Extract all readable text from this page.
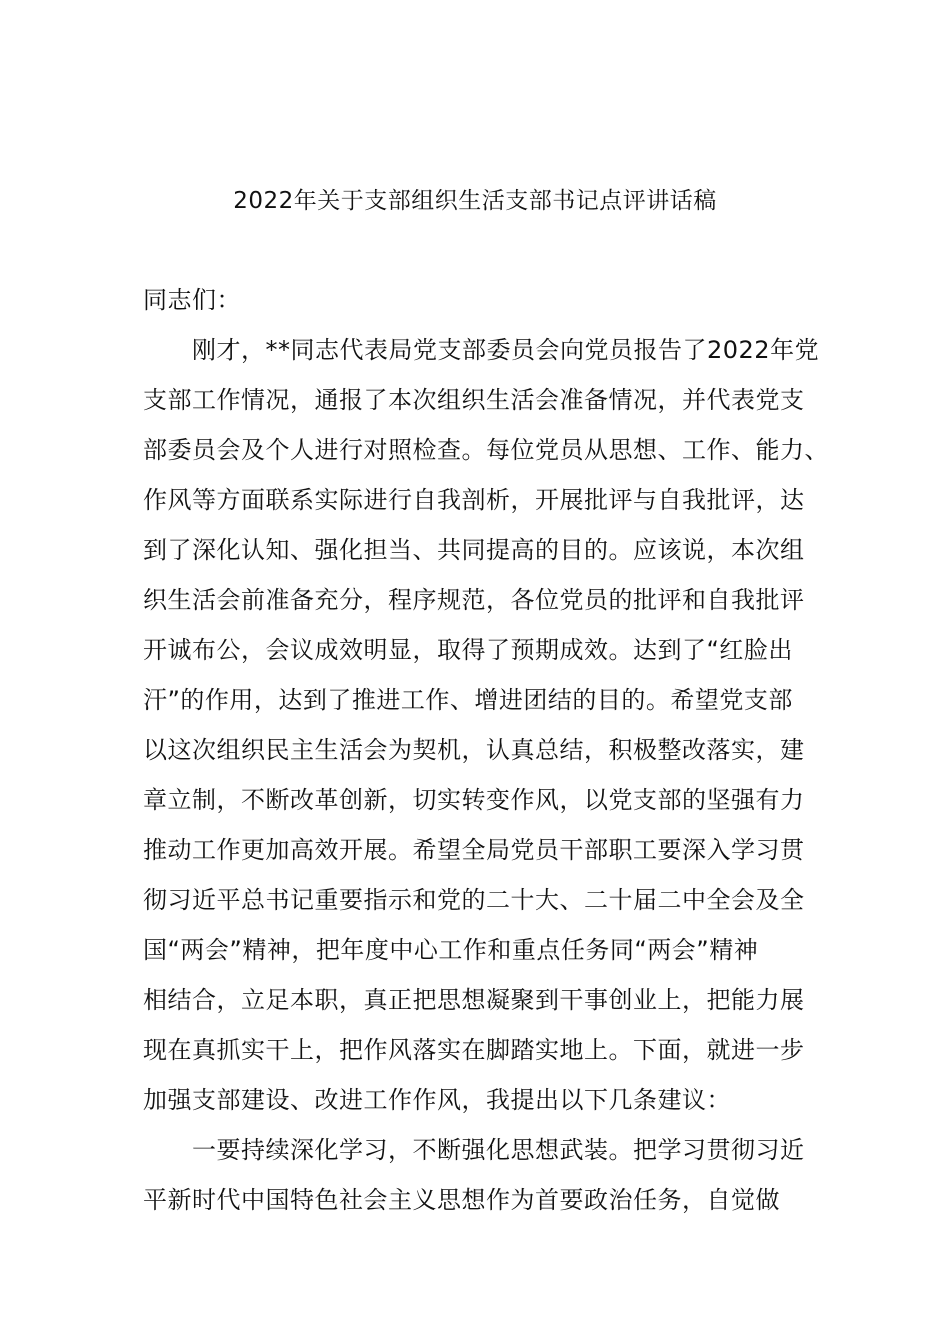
2022年关于支部组织生活支部书记点评讲话稿
同志们：
刚才，**同志代表局党支部委员会向党员报告了2022年党
支部工作情况，通报了本次组织生活会准备情况，并代表党支
部委员会及个人进行对照检查。每位党员从思想、工作、能力、
作风等方面联系实际进行自我剖析，开展批评与自我批评，达
到了深化认知、强化担当、共同提高的目的。应该说，本次组
织生活会前准备充分，程序规范，各位党员的批评和自我批评
开诚布公，会议成效明显，取得了预期成效。达到了“红脸出
汗”的作用，达到了推进工作、增进团结的目的。希望党支部
以这次组织民主生活会为契机，认真总结，积极整改落实，建
章立制，不断改革创新，切实转变作风，以党支部的坚强有力
推动工作更加高效开展。希望全局党员干部职工要深入学习贯
彻习近平总书记重要指示和党的二十大、二十届二中全会及全
国“两会”精神，把年度中心工作和重点任务同“两会”精神
相结合，立足本职，真正把思想凝聚到干事创业上，把能力展
现在真抓实干上，把作风落实在脚踏实地上。下面，就进一步
加强支部建设、改进工作作风，我提出以下几条建议：
一要持续深化学习，不断强化思想武装。把学习贯彻习近
平新时代中国特色社会主义思想作为首要政治任务，自觉做
